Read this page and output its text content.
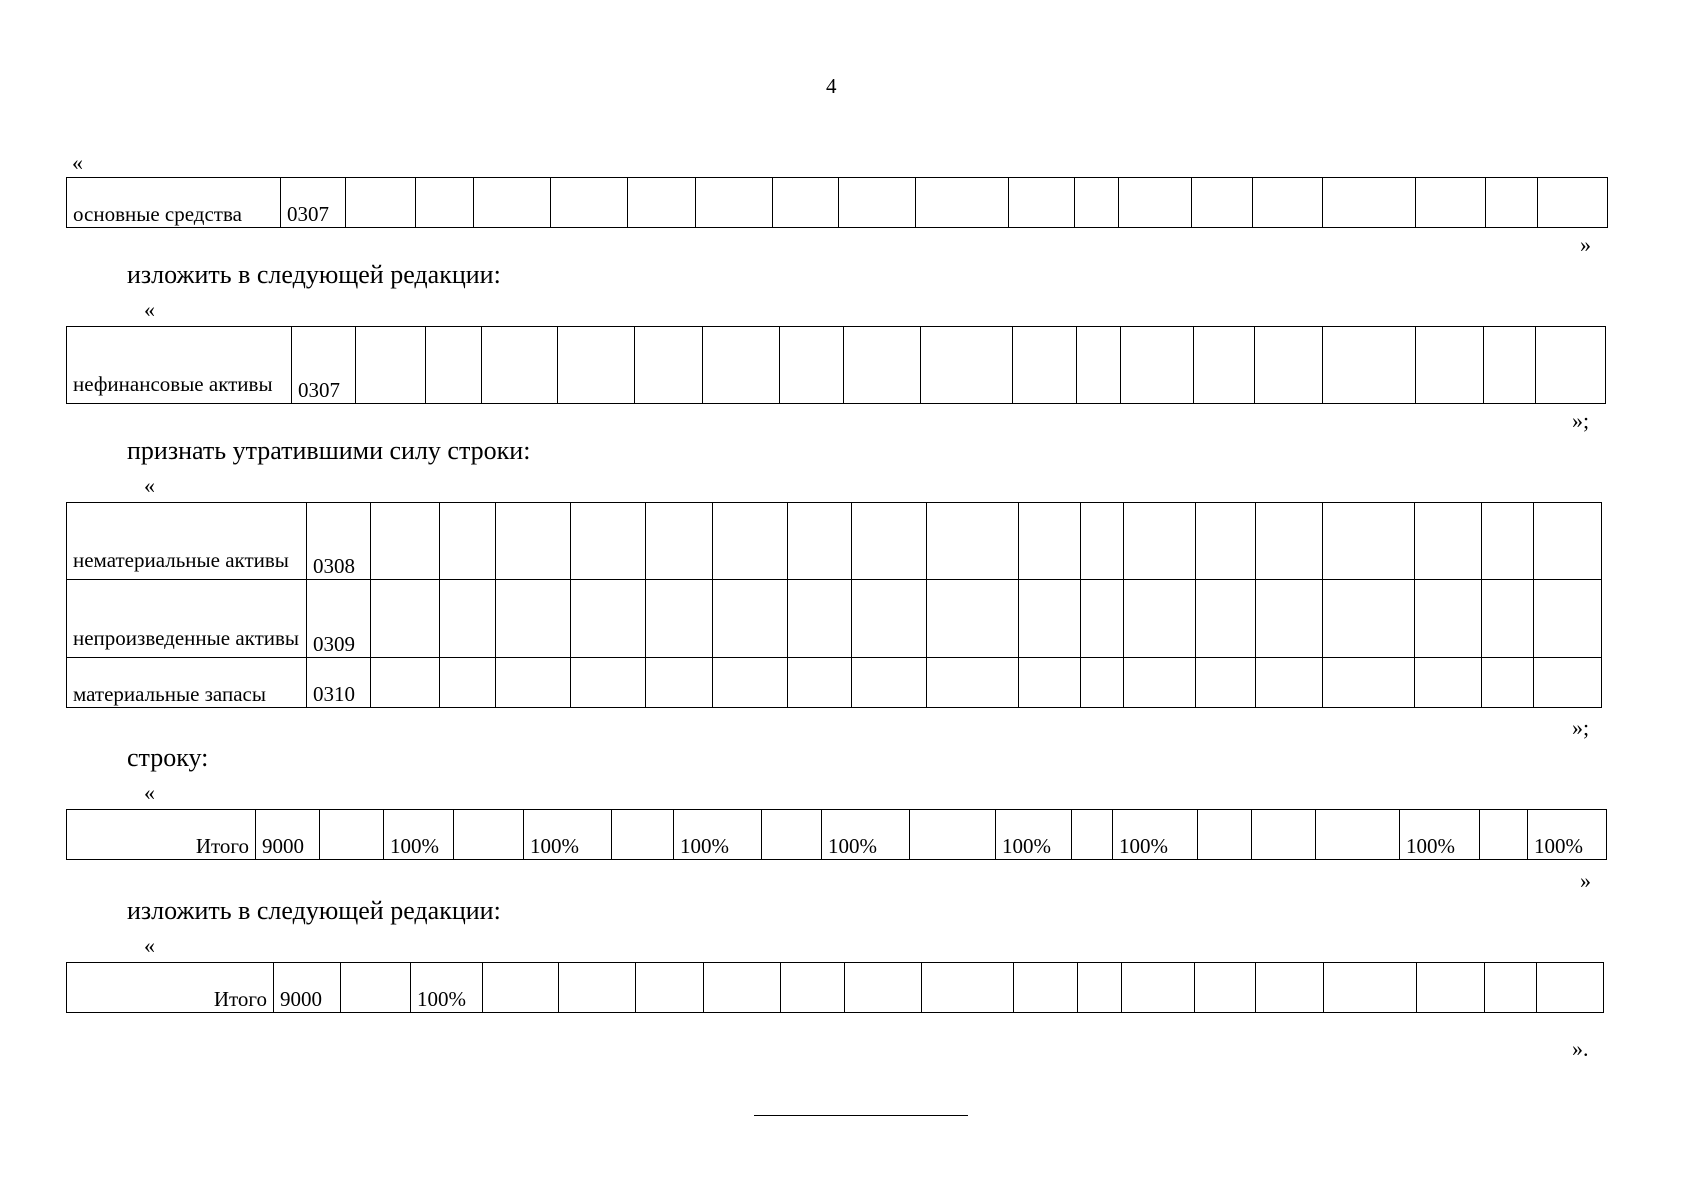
4
«
основные средства	0307																		
»
изложить в следующей редакции:
«
нефинансовые активы	0307																		
»;
признать утратившими силу строки:
«
нематериальные активы	0308																		
непроизведенные активы	0309																		
материальные запасы	0310																		
»;
строку:
«
Итого	9000		100%		100%		100%		100%		100%		100%				100%		100%
»
изложить в следующей редакции:
«
Итого	9000		100%																
».
